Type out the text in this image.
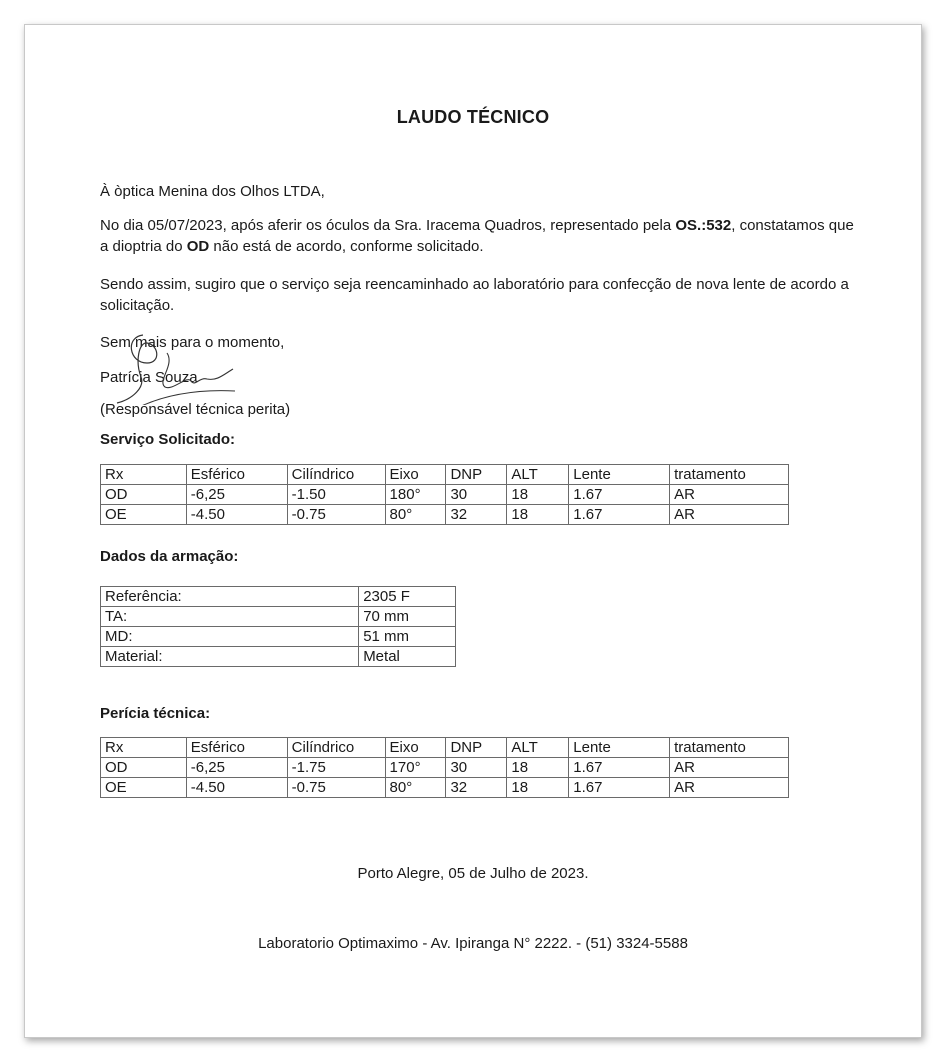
LAUDO TÉCNICO
À òptica Menina dos Olhos LTDA,
No dia 05/07/2023, após aferir os óculos da Sra. Iracema Quadros, representado pela OS.:532, constatamos que a dioptria do OD não está de acordo, conforme solicitado.
Sendo assim, sugiro que o serviço seja reencaminhado ao laboratório para confecção de nova lente de acordo a solicitação.
Sem mais para o momento,
Patrícia Souza
(Responsável técnica perita)
Serviço Solicitado:
Rx	Esférico	Cilíndrico	Eixo	DNP	ALT	Lente	tratamento
OD	-6,25	-1.50	180°	30	18	1.67	AR
OE	-4.50	-0.75	80°	32	18	1.67	AR
Dados da armação:
Referência:	2305 F
TA:	70 mm
MD:	51 mm
Material:	Metal
Perícia técnica:
Rx	Esférico	Cilíndrico	Eixo	DNP	ALT	Lente	tratamento
OD	-6,25	-1.75	170°	30	18	1.67	AR
OE	-4.50	-0.75	80°	32	18	1.67	AR
Porto Alegre, 05 de Julho de 2023.
Laboratorio Optimaximo - Av. Ipiranga N° 2222. - (51) 3324-5588
